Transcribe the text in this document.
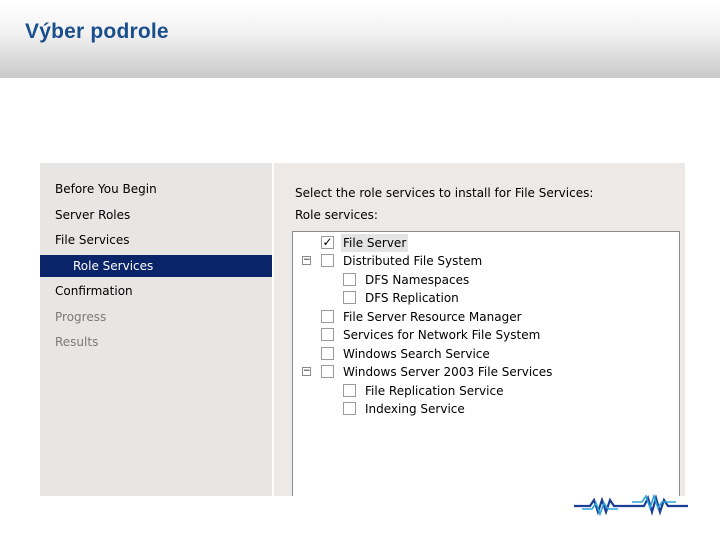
Výber podrole
Before You Begin
Server Roles
File Services
Role Services
Confirmation
Progress
Results
Select the role services to install for File Services:
Role services:
✓ File Server
−	Distributed File System
DFS Namespaces
DFS Replication
File Server Resource Manager
Services for Network File System
Windows Search Service
−	Windows Server 2003 File Services
File Replication Service
Indexing Service
